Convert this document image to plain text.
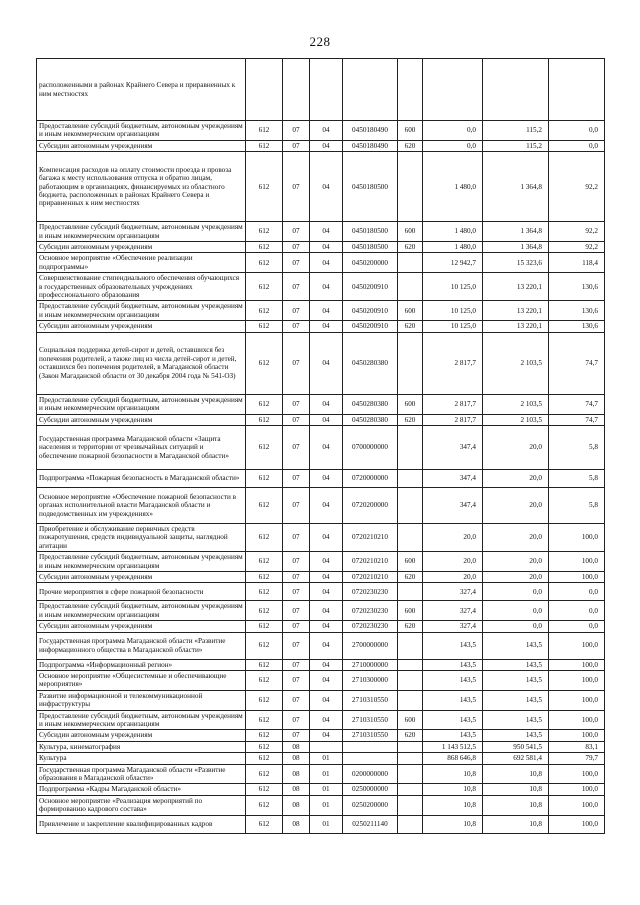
228
расположенными в районах Крайнего Севера и приравненных к ним местностях								
Предоставление субсидий бюджетным, автономным учреждениям и иным некоммерческим организациям	612	07	04	0450180490	600	0,0	115,2	0,0
Субсидии автономным учреждениям	612	07	04	0450180490	620	0,0	115,2	0,0
Компенсация расходов на оплату стоимости проезда и провоза багажа к месту использования отпуска и обратно лицам, работающим в организациях, финансируемых из областного бюджета, расположенных в районах Крайнего Севера и приравненных к ним местностях	612	07	04	0450180500		1 480,0	1 364,8	92,2
Предоставление субсидий бюджетным, автономным учреждениям и иным некоммерческим организациям	612	07	04	0450180500	600	1 480,0	1 364,8	92,2
Субсидии автономным учреждениям	612	07	04	0450180500	620	1 480,0	1 364,8	92,2
Основное мероприятие «Обеспечение реализации подпрограммы»	612	07	04	0450200000		12 942,7	15 323,6	118,4
Совершенствование стипендиального обеспечения обучающихся в государственных образовательных учреждениях профессионального образования	612	07	04	0450200910		10 125,0	13 220,1	130,6
Предоставление субсидий бюджетным, автономным учреждениям и иным некоммерческим организациям	612	07	04	0450200910	600	10 125,0	13 220,1	130,6
Субсидии автономным учреждениям	612	07	04	0450200910	620	10 125,0	13 220,1	130,6
Социальная поддержка детей-сирот и детей, оставшихся без попечения родителей, а также лиц из числа детей-сирот и детей, оставшихся без попечения родителей, в Магаданской области (Закон Магаданской области от 30 декабря 2004 года № 541-ОЗ)	612	07	04	0450280380		2 817,7	2 103,5	74,7
Предоставление субсидий бюджетным, автономным учреждениям и иным некоммерческим организациям	612	07	04	0450280380	600	2 817,7	2 103,5	74,7
Субсидии автономным учреждениям	612	07	04	0450280380	620	2 817,7	2 103,5	74,7
Государственная программа Магаданской области «Защита населения и территории от чрезвычайных ситуаций и обеспечение пожарной безопасности в Магаданской области»	612	07	04	0700000000		347,4	20,0	5,8
Подпрограмма «Пожарная безопасность в Магаданской области»	612	07	04	0720000000		347,4	20,0	5,8
Основное мероприятие «Обеспечение пожарной безопасности в органах исполнительной власти Магаданской области и подведомственных им учреждениях»	612	07	04	0720200000		347,4	20,0	5,8
Приобретение и обслуживание первичных средств пожаротушения, средств индивидуальной защиты, наглядной агитации	612	07	04	0720210210		20,0	20,0	100,0
Предоставление субсидий бюджетным, автономным учреждениям и иным некоммерческим организациям	612	07	04	0720210210	600	20,0	20,0	100,0
Субсидии автономным учреждениям	612	07	04	0720210210	620	20,0	20,0	100,0
Прочие мероприятия в сфере пожарной безопасности	612	07	04	0720230230		327,4	0,0	0,0
Предоставление субсидий бюджетным, автономным учреждениям и иным некоммерческим организациям	612	07	04	0720230230	600	327,4	0,0	0,0
Субсидии автономным учреждениям	612	07	04	0720230230	620	327,4	0,0	0,0
Государственная программа Магаданской области «Развитие информационного общества в Магаданской области»	612	07	04	2700000000		143,5	143,5	100,0
Подпрограмма «Информационный регион»	612	07	04	2710000000		143,5	143,5	100,0
Основное мероприятие «Общесистемные и обеспечивающие мероприятия»	612	07	04	2710300000		143,5	143,5	100,0
Развитие информационной и телекоммуникационной инфраструктуры	612	07	04	2710310550		143,5	143,5	100,0
Предоставление субсидий бюджетным, автономным учреждениям и иным некоммерческим организациям	612	07	04	2710310550	600	143,5	143,5	100,0
Субсидии автономным учреждениям	612	07	04	2710310550	620	143,5	143,5	100,0
Культура, кинематография	612	08				1 143 512,5	950 541,5	83,1
Культура	612	08	01			868 646,8	692 581,4	79,7
Государственная программа Магаданской области «Развитие образования в Магаданской области»	612	08	01	0200000000		10,8	10,8	100,0
Подпрограмма «Кадры Магаданской области»	612	08	01	0250000000		10,8	10,8	100,0
Основное мероприятие «Реализация мероприятий по формированию кадрового состава»	612	08	01	0250200000		10,8	10,8	100,0
Привлечение и закрепление квалифицированных кадров	612	08	01	0250211140		10,8	10,8	100,0
